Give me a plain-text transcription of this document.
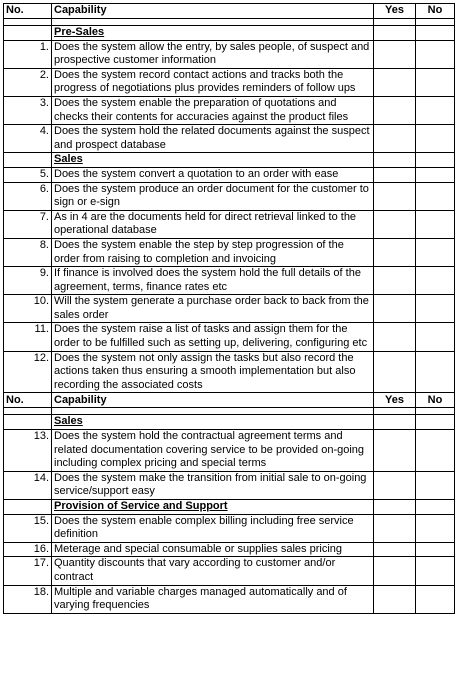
No.	Capability	Yes	No

	Pre-Sales		
1.	Does the system allow the entry, by sales people, of suspect and prospective customer information		
2.	Does the system record contact actions and tracks both the progress of negotiations plus provides reminders of follow ups		
3.	Does the system enable the preparation of quotations and checks their contents for accuracies against the product files		
4.	Does the system hold the related documents against the suspect and prospect database		
	Sales		
5.	Does the system convert a quotation to an order with ease		
6.	Does the system produce an order document for the customer to sign or e-sign		
7.	As in 4 are the documents held for direct retrieval linked to the operational database		
8.	Does the system enable the step by step progression of the order from raising to completion and invoicing		
9.	If finance is involved does the system hold the full details of the agreement, terms, finance rates etc		
10.	Will the system generate a purchase order back to back from the sales order		
11.	Does the system raise a list of tasks and assign them for the order to be fulfilled such as setting up, delivering, configuring etc		
12.	Does the system not only assign the tasks but also record the actions taken thus ensuring a smooth implementation but also recording the associated costs		
No.	Capability	Yes	No

	Sales		
13.	Does the system hold the contractual agreement terms and related documentation covering service to be provided on-going including complex pricing and special terms		
14.	Does the system make the transition from initial sale to on-going service/support easy		
	Provision of Service and Support		
15.	Does the system enable complex billing including free service definition		
16.	Meterage and special consumable or supplies sales pricing		
17.	Quantity discounts that vary according to customer and/or contract		
18.	Multiple and variable charges managed automatically and of varying frequencies		
